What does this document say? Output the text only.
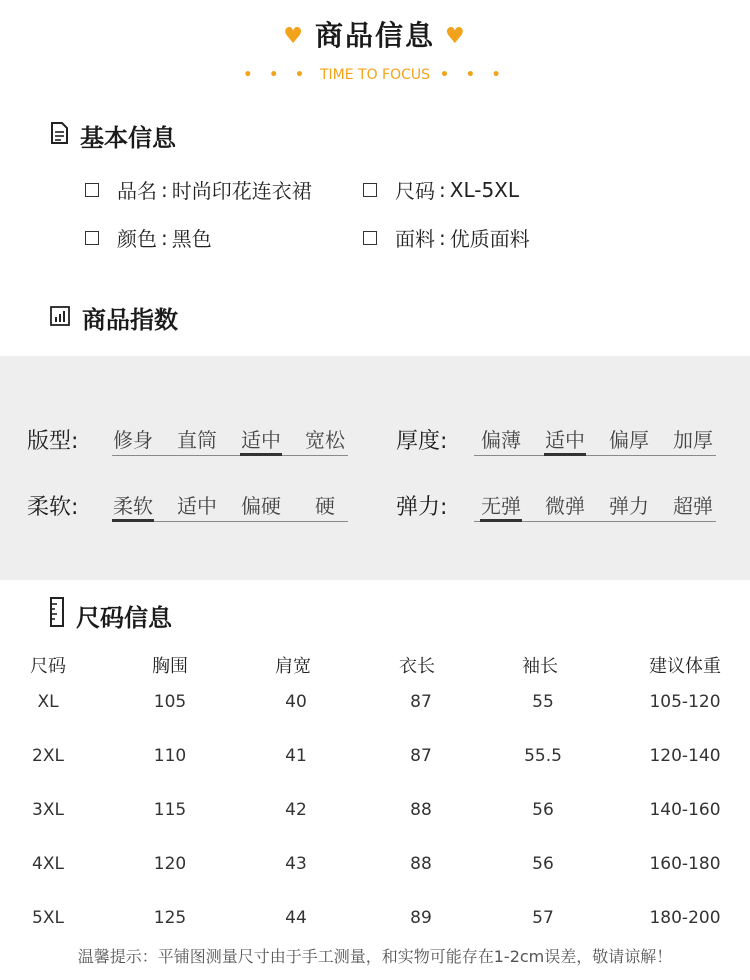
♥ 商品信息 ♥
• • • TIME TO FOCUS • • •
基本信息
品名 : 时尚印花连衣裙	尺码 : XL-5XL
颜色 : 黑色	面料 : 优质面料
商品指数
版型: 修身 直筒 适中 宽松 厚度: 偏薄 适中 偏厚 加厚
柔软: 柔软 适中 偏硬	硬	弹力: 无弹 微弹 弹力 超弹
尺码信息
尺码	胸围	肩宽	衣长	袖长	建议体重
XL	105	40	87	55	105-120
2XL	110	41	87	55.5	120-140
3XL	115	42	88	56	140-160
4XL	120	43	88	56	160-180
5XL	125	44	89	57	180-200
温馨提示：平铺图测量尺寸由于手工测量，和实物可能存在1-2cm误差，敬请谅解！
